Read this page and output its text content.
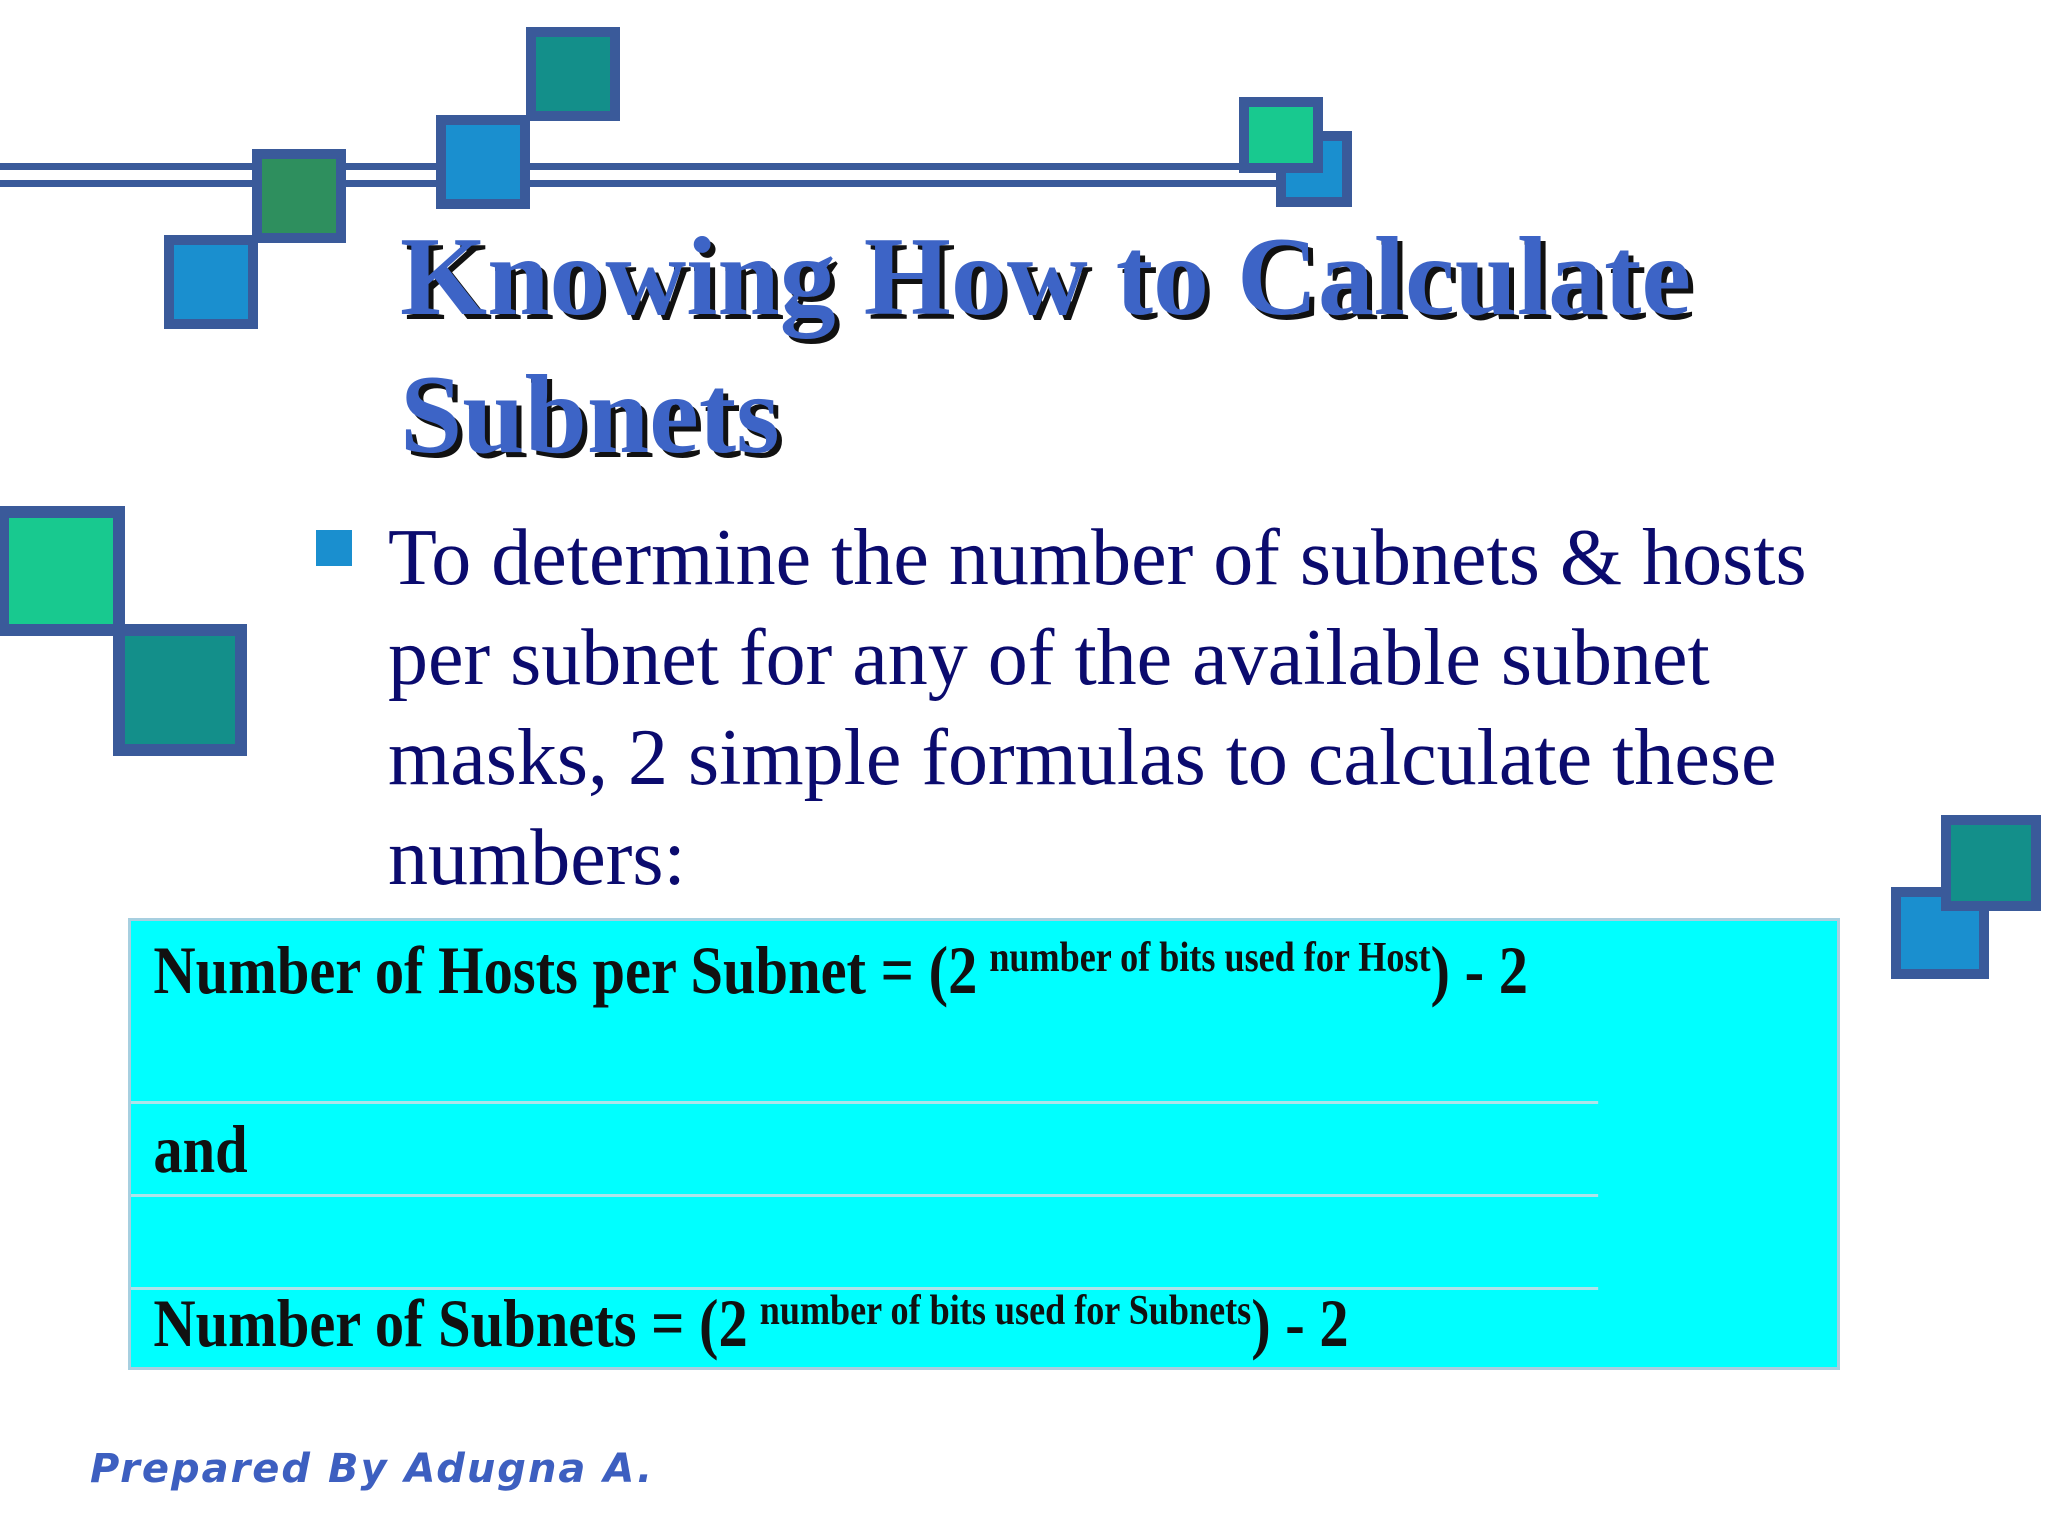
Knowing How to Calculate Subnets

To determine the number of subnets & hosts per subnet for any of the available subnet masks, 2 simple formulas to calculate these numbers:

Number of Hosts per Subnet = (2 $^{number of bits used for Host}$) - 2
and
Number of Subnets = (2 $^{number of bits used for Subnets}$) - 2
Prepared By Adugna A.
